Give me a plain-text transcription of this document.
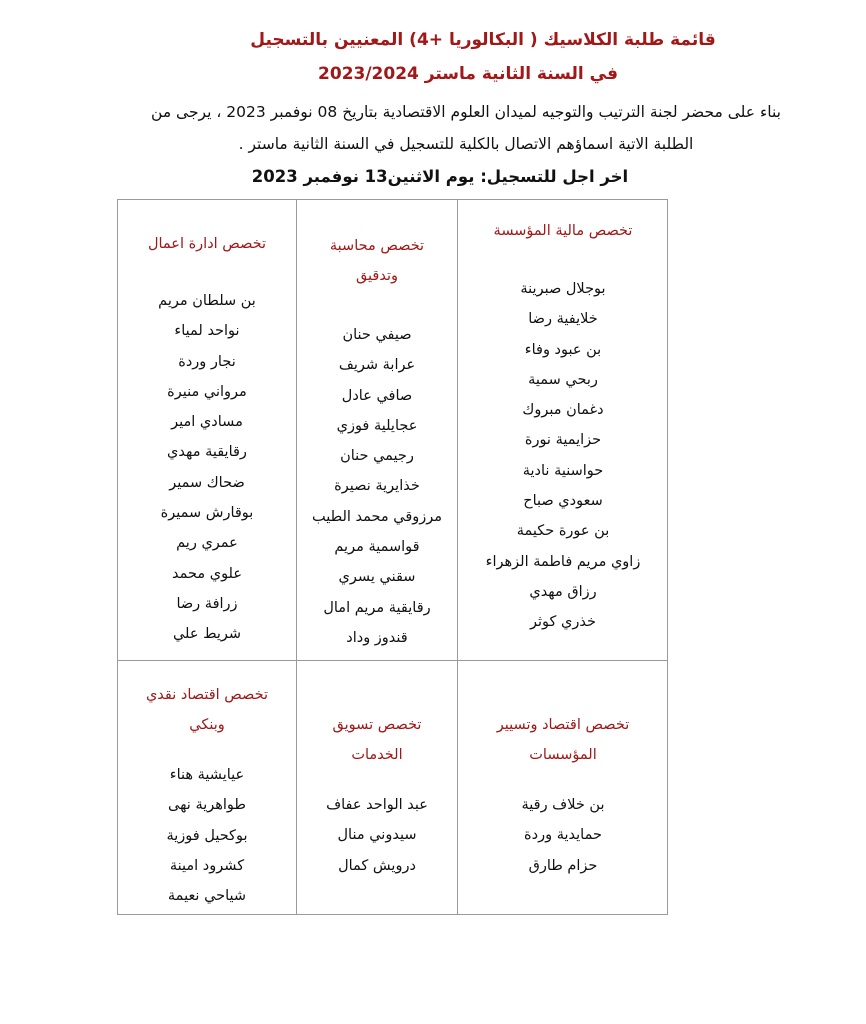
قائمة طلبة الكلاسيك ( البكالوريا +4) المعنيين بالتسجيل
في السنة الثانية ماستر 2023/2024
بناء على محضر لجنة الترتيب والتوجيه لميدان العلوم الاقتصادية بتاريخ 08 نوفمبر 2023 ، يرجى من
الطلبة الاتية اسماؤهم الاتصال بالكلية للتسجيل في السنة الثانية ماستر .
اخر اجل للتسجيل: يوم الاثنين13 نوفمبر 2023
تخصص مالية المؤسسة
بوجلال صبرينة
خلايفية رضا
بن عبود وفاء
ربحي سمية
دغمان مبروك
حزايمية نورة
حواسنية نادية
سعودي صباح
بن عورة حكيمة
زاوي مريم فاطمة الزهراء
رزاق مهدي
خذري كوثر
تخصص محاسبة
وتدقيق
صيفي حنان
عرابة شريف
صافي عادل
عجايلية فوزي
رجيمي حنان
خذايرية نصيرة
مرزوقي محمد الطيب
قواسمية مريم
سقني يسري
رقايقية مريم امال
قندوز وداد
تخصص ادارة اعمال
بن سلطان مريم
نواحد لمياء
نجار وردة
مرواني منيرة
مسادي امير
رقايقية مهدي
ضحاك سمير
بوقارش سميرة
عمري ريم
علوي محمد
زرافة رضا
شريط علي
تخصص اقتصاد وتسيير
المؤسسات
بن خلاف رقية
حمايدية وردة
حزام طارق
تخصص تسويق
الخدمات
عبد الواحد عفاف
سيدوني منال
درويش كمال
تخصص اقتصاد نقدي
وبنكي
عيايشية هناء
طواهرية نهى
بوكحيل فوزية
كشرود امينة
شياحي نعيمة
